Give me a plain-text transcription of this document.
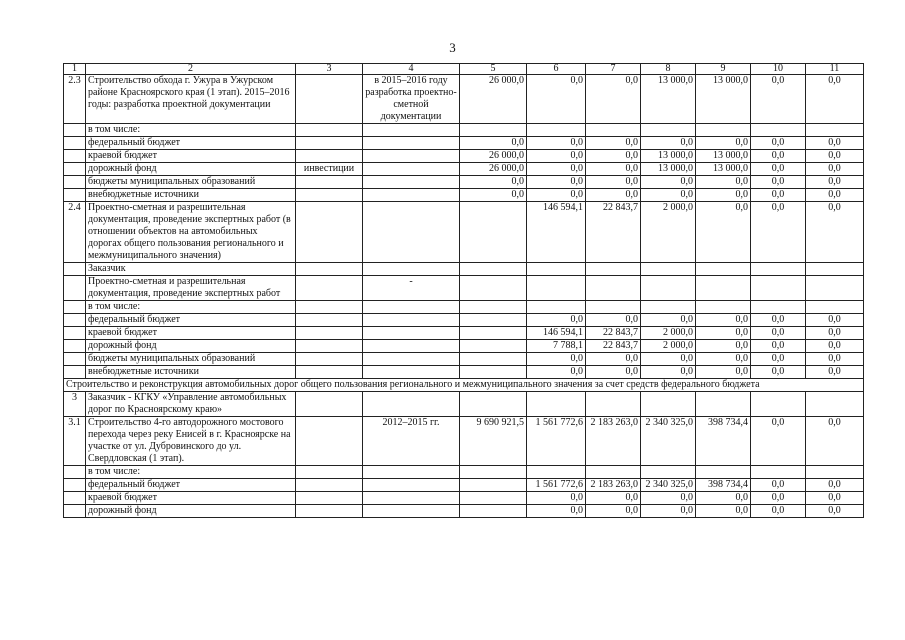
3
1	2	3	4	5	6	7	8	9	10	11
2.3	Строительство обхода г. Ужура в Ужурском районе Красноярского края (1 этап). 2015–2016 годы: разработка проектной документации		в 2015–2016 году разработка проектно-сметной документации	26 000,0	0,0	0,0	13 000,0	13 000,0	0,0	0,0
	в том числе:									
	федеральный бюджет			0,0	0,0	0,0	0,0	0,0	0,0	0,0
	краевой бюджет			26 000,0	0,0	0,0	13 000,0	13 000,0	0,0	0,0
	дорожный фонд	инвестиции		26 000,0	0,0	0,0	13 000,0	13 000,0	0,0	0,0
	бюджеты муниципальных образований			0,0	0,0	0,0	0,0	0,0	0,0	0,0
	внебюджетные источники			0,0	0,0	0,0	0,0	0,0	0,0	0,0
2.4	Проектно-сметная и разрешительная документация, проведение экспертных работ (в отношении объектов на автомобильных дорогах общего пользования регионального и межмуниципального значения)				146 594,1	22 843,7	2 000,0	0,0	0,0	0,0
	Заказчик									
	Проектно-сметная и разрешительная документация, проведение экспертных работ		-							
	в том числе:									
	федеральный бюджет				0,0	0,0	0,0	0,0	0,0	0,0
	краевой бюджет				146 594,1	22 843,7	2 000,0	0,0	0,0	0,0
	дорожный фонд				7 788,1	22 843,7	2 000,0	0,0	0,0	0,0
	бюджеты муниципальных образований				0,0	0,0	0,0	0,0	0,0	0,0
	внебюджетные источники				0,0	0,0	0,0	0,0	0,0	0,0
Строительство и реконструкция автомобильных дорог общего пользования регионального и межмуниципального значения за счет средств федерального бюджета										
3	Заказчик - КГКУ «Управление автомобильных дорог по Красноярскому краю»									
3.1	Строительство 4-го автодорожного мостового перехода через реку Енисей в г. Красноярске на участке от ул. Дубровинского до ул. Свердловская (1 этап).		2012–2015 гг.	9 690 921,5	1 561 772,6	2 183 263,0	2 340 325,0	398 734,4	0,0	0,0
	в том числе:									
	федеральный бюджет				1 561 772,6	2 183 263,0	2 340 325,0	398 734,4	0,0	0,0
	краевой бюджет				0,0	0,0	0,0	0,0	0,0	0,0
	дорожный фонд				0,0	0,0	0,0	0,0	0,0	0,0
